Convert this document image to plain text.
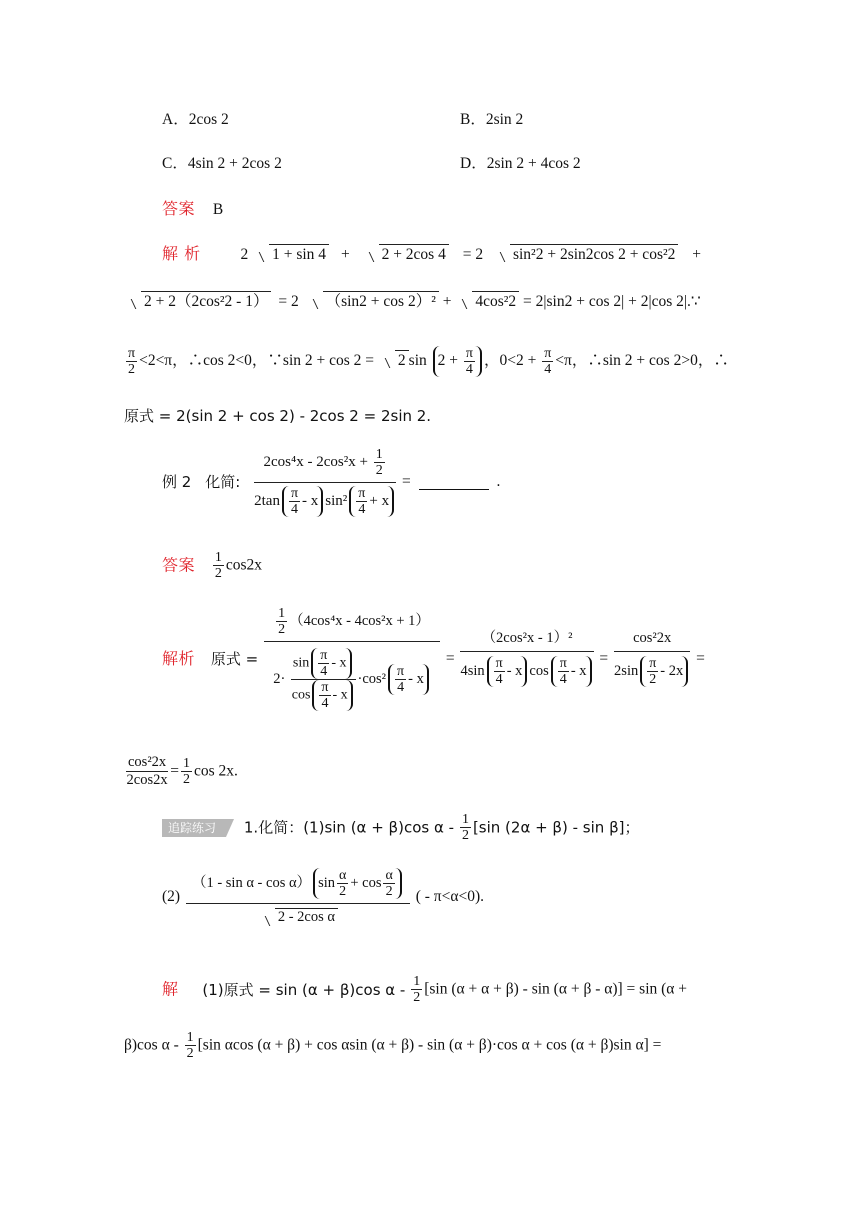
A．2cos 2	B．2sin 2
C．4sin 2 + 2cos 2	D．2sin 2 + 4cos 2
答案 B
解 析	2 1 + sin 4 + 2 + 2cos 4 = 2 sin²2 + 2sin2cos 2 + cos²2 +
2 + 2（2cos²2 - 1） = 2 （sin2 + cos 2）² + 4cos²2 = 2|sin2 + cos 2| + 2|cos 2|.∵
$\frac{\pi}{2} <2<\pi$，∴cos 2<0，∵sin 2 + cos 2 = 2 $\sin 2 + \frac{\pi}{4}$ ，$0<2 + \frac{\pi}{4} <\pi$，∴sin 2 + cos 2>0，∴
原式 = 2(sin 2 + cos 2) - 2cos 2 = 2sin 2.
例 2 化简: $\frac{2\cos^4x - 2\cos^2x + \frac{1}{2}}{2\tan \frac{\pi}{4} - x \sin^2 \frac{\pi}{4} + x}$ =	.
答案 $\frac{1}{2} \cos 2x$
解析 原式 = $\frac{\frac{1}{2} (4\cos^4x - 4\cos^2x + 1)}{2\cdot \frac{\sin \frac{\pi}{4} - x}{\cos \frac{\pi}{4} - x} \cdot\cos^2 \frac{\pi}{4} - x} = \frac{\text{（2cos²x - 1）²}}{4\sin \frac{\pi}{4} - x \cos \frac{\pi}{4} - x} = \frac{\text{cos²2x}}{2\sin \frac{\pi}{2} - 2x}$ =
$\frac{\text{cos²2x}}{2\cos 2x} = \frac{1}{2}$ cos 2x.
追踪练习 1.化简：(1)sin (α + β)cos α - $\frac{1}{2} [\sin$ (2α + β) - sin β]；
$(2) \frac{(1 - \sin \alpha - \cos \alpha) \sin \frac{\alpha}{2} + \cos \frac{\alpha}{2}}{\text{2 - 2cos α}}$ ( - π<α<0).
解 (1)原式 = sin (α + β)cos α - $\frac{1}{2} [\sin$ (α + α + β) - sin (α + β - α)] = sin (α +
β)cos α - $\frac{1}{2} [\sin$ αcos (α + β) + cos αsin (α + β) - sin (α + β)·cos α + cos (α + β)sin α] =
